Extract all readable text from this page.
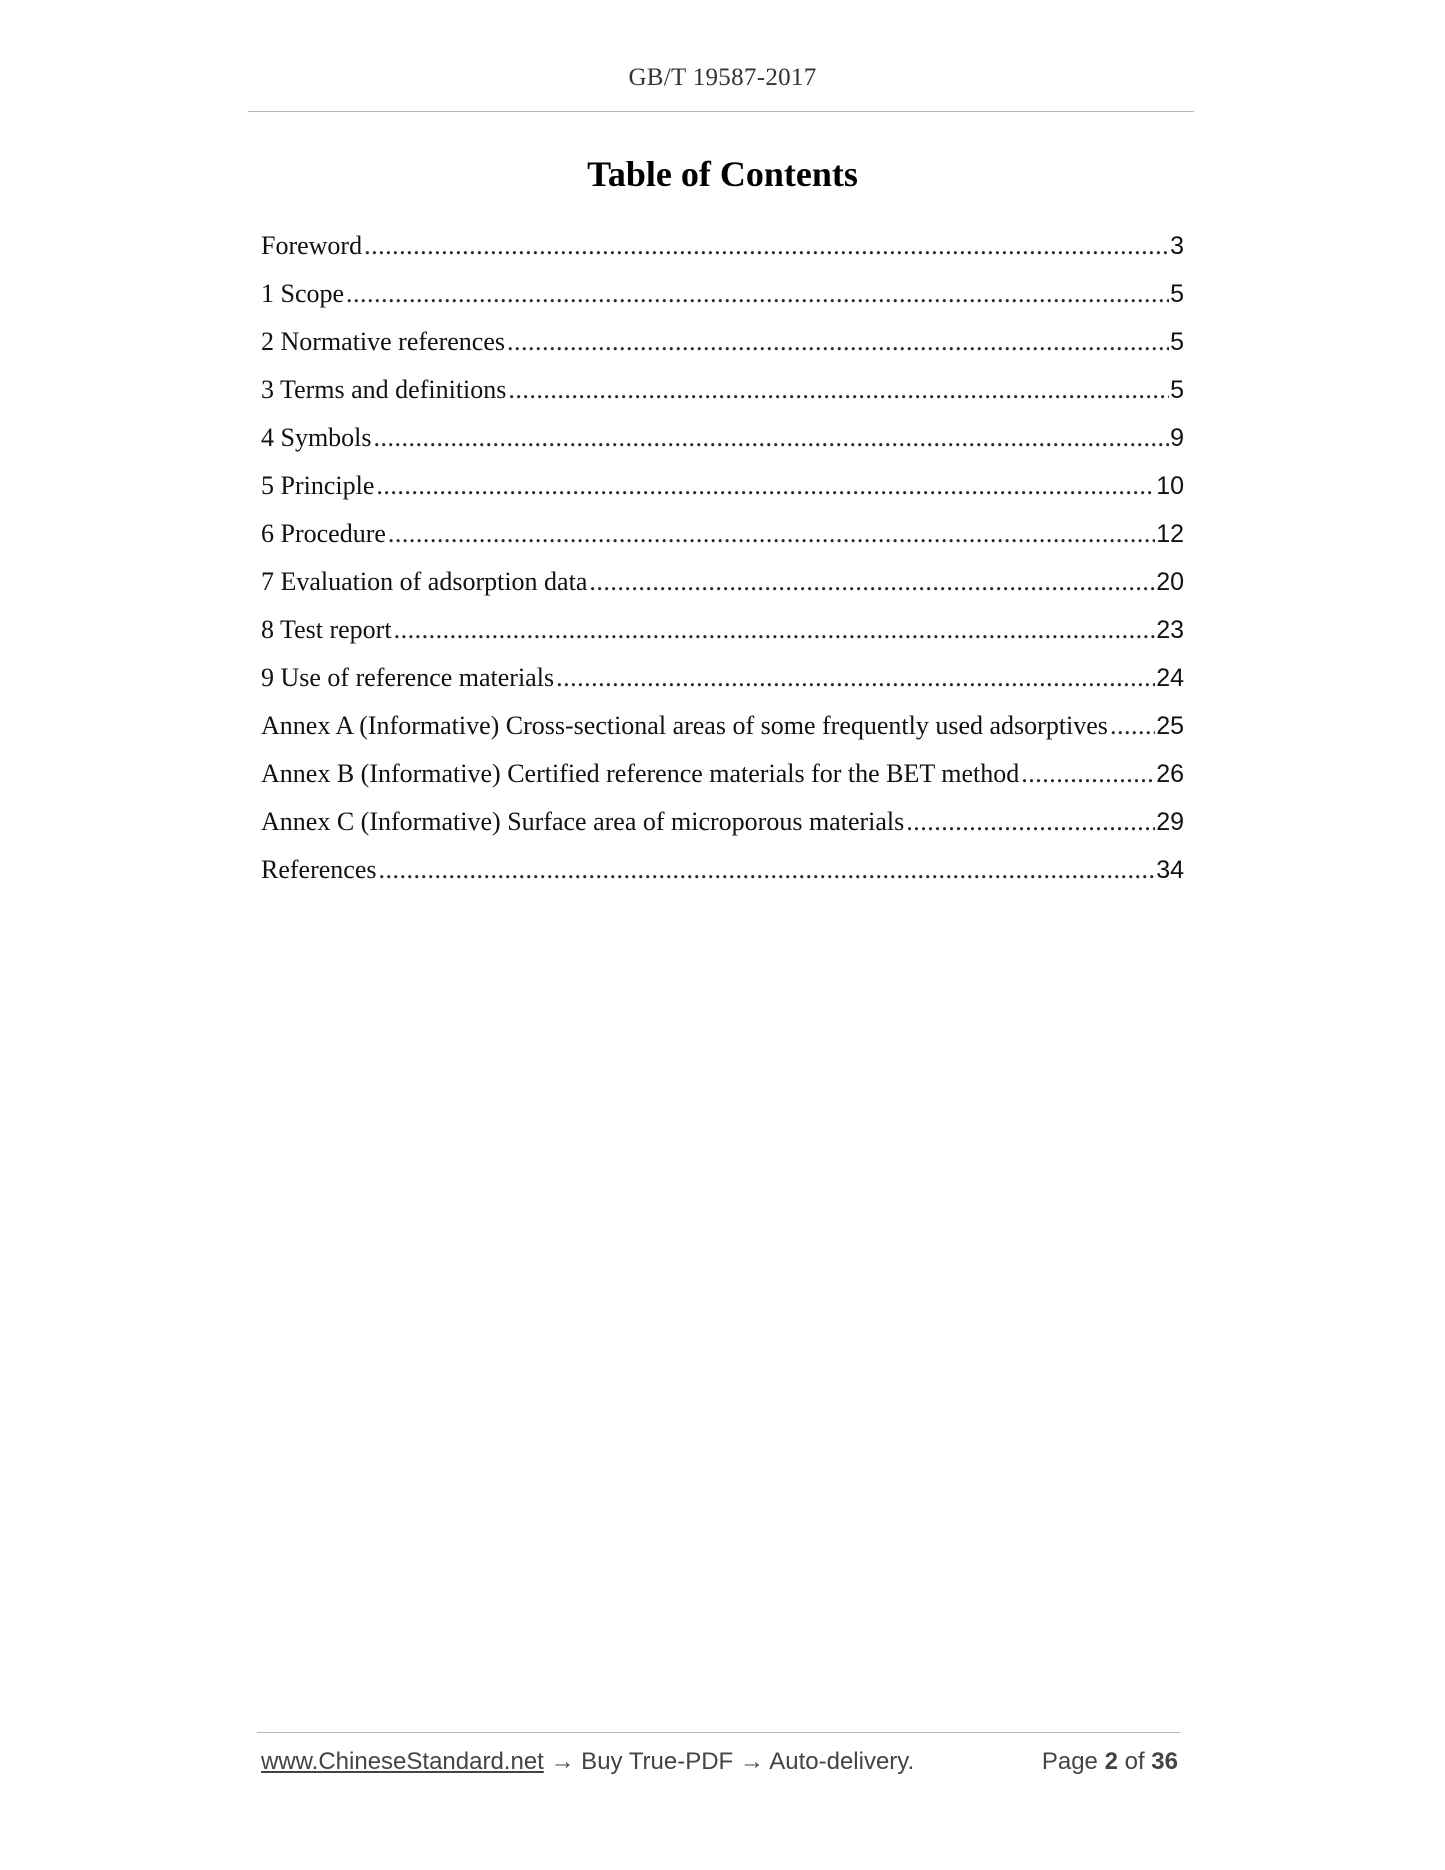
GB/T 19587-2017
Table of Contents
Foreword .....	3
1 Scope .....	5
2 Normative references .....	5
3 Terms and definitions .....	5
4 Symbols .....	9
5 Principle .....	10
6 Procedure .....	12
7 Evaluation of adsorption data .....	20
8 Test report .....	23
9 Use of reference materials .....	24
Annex A (Informative) Cross-sectional areas of some frequently used adsorptives ..... 25
Annex B (Informative) Certified reference materials for the BET method .....	26
Annex C (Informative) Surface area of microporous materials .....	29
References .....	34
www.ChineseStandard.net → Buy True-PDF → Auto-delivery.	Page 2 of 36
